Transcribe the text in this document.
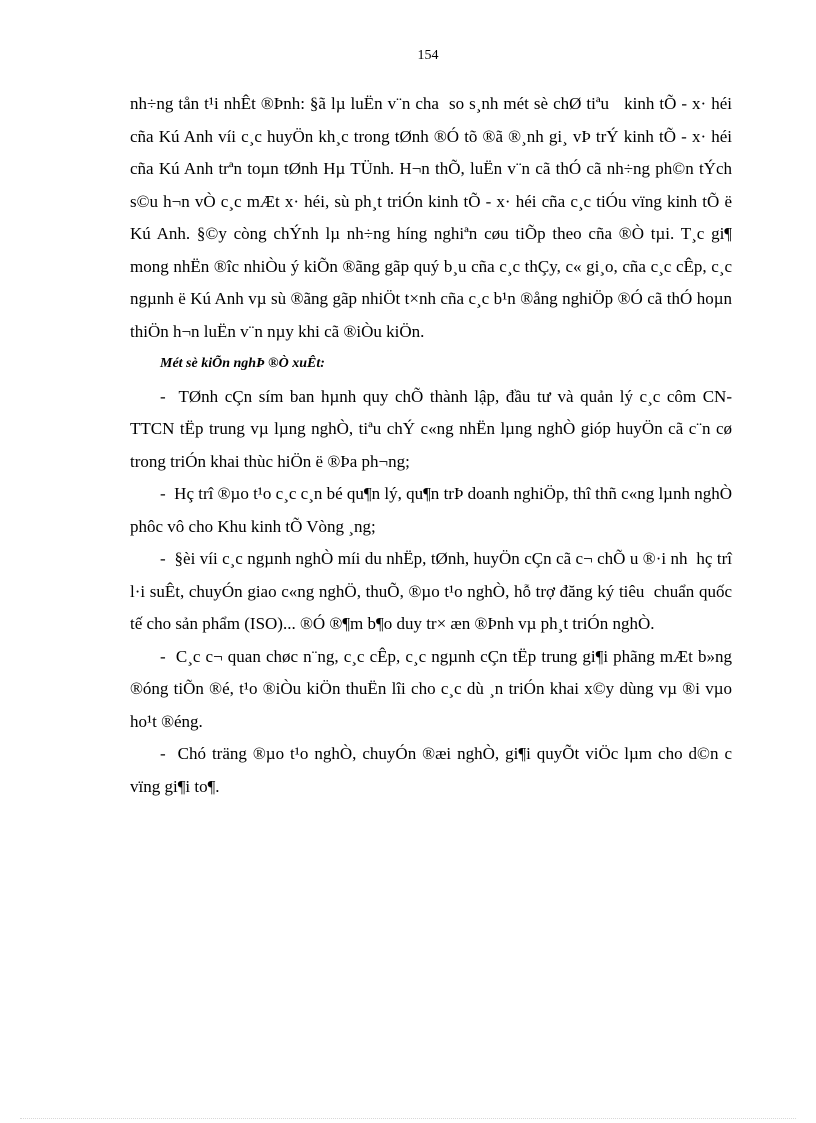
154

nh÷ng tån t¹i nhÊt ®Þnh: §ã lµ luËn v¨n cha  so s¸nh mét sè chØ tiªu   kinh tÕ - x· héi cña Kú Anh víi c¸c huyÖn kh¸c trong tØnh ®Ó tõ ®ã ®¸nh gi¸ vÞ trÝ kinh tÕ - x· héi cña Kú Anh trªn toµn tØnh Hµ TÜnh. H¬n thÕ, luËn v¨n cã thÓ cã nh÷ng ph©n tÝch s©u h¬n vÒ c¸c mÆt x· héi, sù ph¸t triÓn kinh tÕ - x· héi cña c¸c tiÓu vïng kinh tÕ ë Kú Anh. §©y còng chÝnh lµ nh÷ng híng nghiªn cøu tiÕp theo cña ®Ò tµi. T¸c gi¶ mong nhËn ®îc nhiÒu ý kiÕn ®ãng gãp quý b¸u cña c¸c thÇy, c« gi¸o, cña c¸c cÊp, c¸c ngµnh ë Kú Anh vµ sù ®ãng gãp nhiÖt t×nh cña c¸c b¹n ®ång nghiÖp ®Ó cã thÓ hoµn thiÖn h¬n luËn v¨n nµy khi cã ®iÒu kiÖn.

Mét sè kiÕn nghÞ ®Ò xuÊt:

-  TØnh cÇn sím ban hµnh quy chÕ thành lập, đầu tư và quản lý c¸c côm CN-TTCN tËp trung vµ lµng nghÒ, tiªu chÝ c«ng nhËn lµng nghÒ gióp huyÖn cã c¨n cø trong triÓn khai thùc hiÖn ë ®Þa ph¬ng;

-  Hç trî ®µo t¹o c¸c c¸n bé qu¶n lý, qu¶n trÞ doanh nghiÖp, thî thñ c«ng lµnh nghÒ phôc vô cho Khu kinh tÕ Vòng ¸ng;

-  §èi víi c¸c ngµnh nghÒ míi du nhËp, tØnh, huyÖn cÇn cã c¬ chÕ u ®·i nh  hç trî l·i suÊt, chuyÓn giao c«ng nghÖ, thuÕ, ®µo t¹o nghÒ, hỗ trợ đăng ký tiêu  chuẩn quốc tế cho sản phẩm (ISO)... ®Ó ®¶m b¶o duy tr× æn ®Þnh vµ ph¸t triÓn nghÒ.

-  C¸c c¬ quan chøc n¨ng, c¸c cÊp, c¸c ngµnh cÇn tËp trung gi¶i phãng mÆt b»ng ®óng tiÕn ®é, t¹o ®iÒu kiÖn thuËn lîi cho c¸c dù ¸n triÓn khai x©y dùng vµ ®i vµo ho¹t ®éng.

-  Chó träng ®µo t¹o nghÒ, chuyÓn ®æi nghÒ, gi¶i quyÕt viÖc lµm cho d©n c  vïng gi¶i to¶.
